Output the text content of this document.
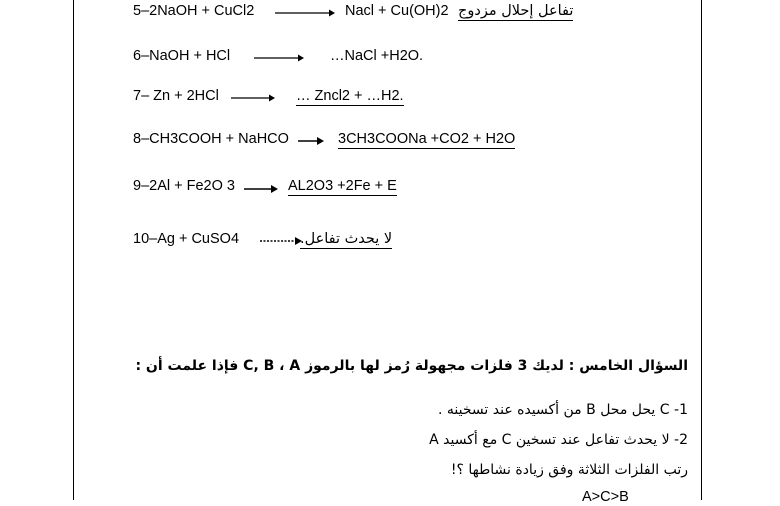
5–2NaOH + CuCl2	Nacl + Cu(OH)2 تفاعل إحلال مزدوج
6–NaOH + HCl	…NaCl +H2O.
7– Zn + 2HCl	… Zncl2 + …H2.
8–CH3COOH + NaHCO	3CH3COONa +CO2 + H2O
9–2Al + Fe2O 3	AL2O3 +2Fe + E
10–Ag + CuSO4	لا يحدث تفاعل.
السؤال الخامس : لديك 3 فلزات مجهولة رُمز لها بالرموز C, B ، A فإذا علمت أن :
1- C يحل محل B من أكسيده عند تسخينه .
2- لا يحدث تفاعل عند تسخين C مع أكسيد A
رتب الفلزات الثلاثة وفق زيادة نشاطها ؟!
A>C>B
